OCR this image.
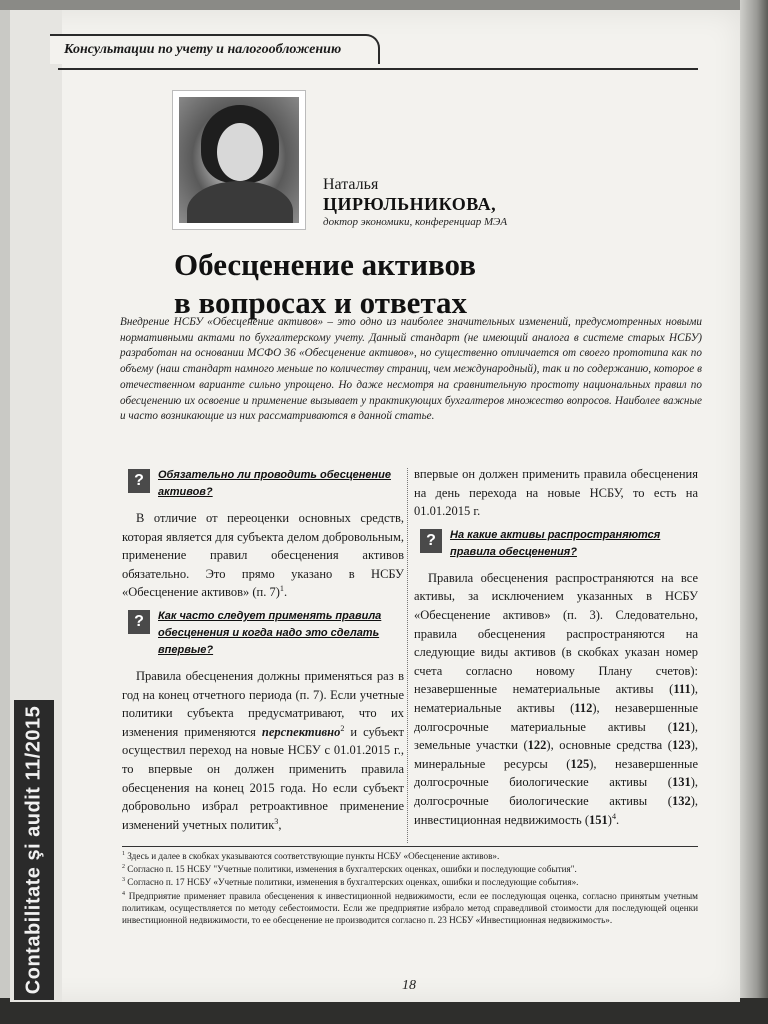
Contabilitate şi audit 11/2015
Консультации по учету и налогообложению
Наталья
ЦИРЮЛЬНИКОВА,
доктор экономики, конференциар МЭА
Обесценение активов
в вопросах и ответах
Внедрение НСБУ «Обесценение активов» – это одно из наиболее значительных изменений, предусмотренных новыми нормативными актами по бухгалтерскому учету. Данный стандарт (не имеющий аналога в системе старых НСБУ) разработан на основании МСФО 36 «Обесценение активов», но существенно отличается от своего прототипа как по объему (наш стандарт намного меньше по количеству страниц, чем международный), так и по содержанию, которое в отечественном варианте сильно упрощено. Но даже несмотря на сравнительную простоту национальных правил по обесценению их освоение и применение вызывает у практикующих бухгалтеров множество вопросов. Наиболее важные и часто возникающие из них рассматриваются в данной статье.
?	Обязательно ли проводить обесценение активов?
В отличие от переоценки основных средств, которая является для субъекта делом добровольным, применение правил обесценения активов обязательно. Это прямо указано в НСБУ «Обесценение активов» (п. 7)$^1$.
?	Как часто следует применять правила обесценения и когда надо это сделать впервые?
Правила обесценения должны применяться раз в год на конец отчетного периода (п. 7). Если учетные политики субъекта предусматривают, что их изменения применяются перспективно$^2$ и субъект осуществил переход на новые НСБУ с 01.01.2015 г., то впервые он должен применить правила обесценения на конец 2015 года. Но если субъект добровольно избрал ретроактивное применение изменений учетных политик$^3$,
впервые он должен применить правила обесценения на день перехода на новые НСБУ, то есть на 01.01.2015 г.
?	На какие активы распространяются правила обесценения?
Правила обесценения распространяются на все активы, за исключением указанных в НСБУ «Обесценение активов» (п. 3). Следовательно, правила обесценения распространяются на следующие виды активов (в скобках указан номер счета согласно новому Плану счетов): незавершенные нематериальные активы (111), нематериальные активы (112), незавершенные долгосрочные материальные активы (121), земельные участки (122), основные средства (123), минеральные ресурсы (125), незавершенные долгосрочные биологические активы (131), долгосрочные биологические активы (132), инвестиционная недвижимость $(151)^4$.
$^1$ Здесь и далее в скобках указываются соответствующие пункты НСБУ «Обесценение активов».
$^2$ Согласно п. 15 НСБУ "Учетные политики, изменения в бухгалтерских оценках, ошибки и последующие события".
$^3$ Согласно п. 17 НСБУ «Учетные политики, изменения в бухгалтерских оценках, ошибки и последующие события».
$^4$ Предприятие применяет правила обесценения к инвестиционной недвижимости, если ее последующая оценка, согласно принятым учетным политикам, осуществляется по методу себестоимости. Если же предприятие избрало метод справедливой стоимости для последующей оценки инвестиционной недвижимости, то ее обесценение не производится согласно п. 23 НСБУ «Инвестиционная недвижимость».
18
